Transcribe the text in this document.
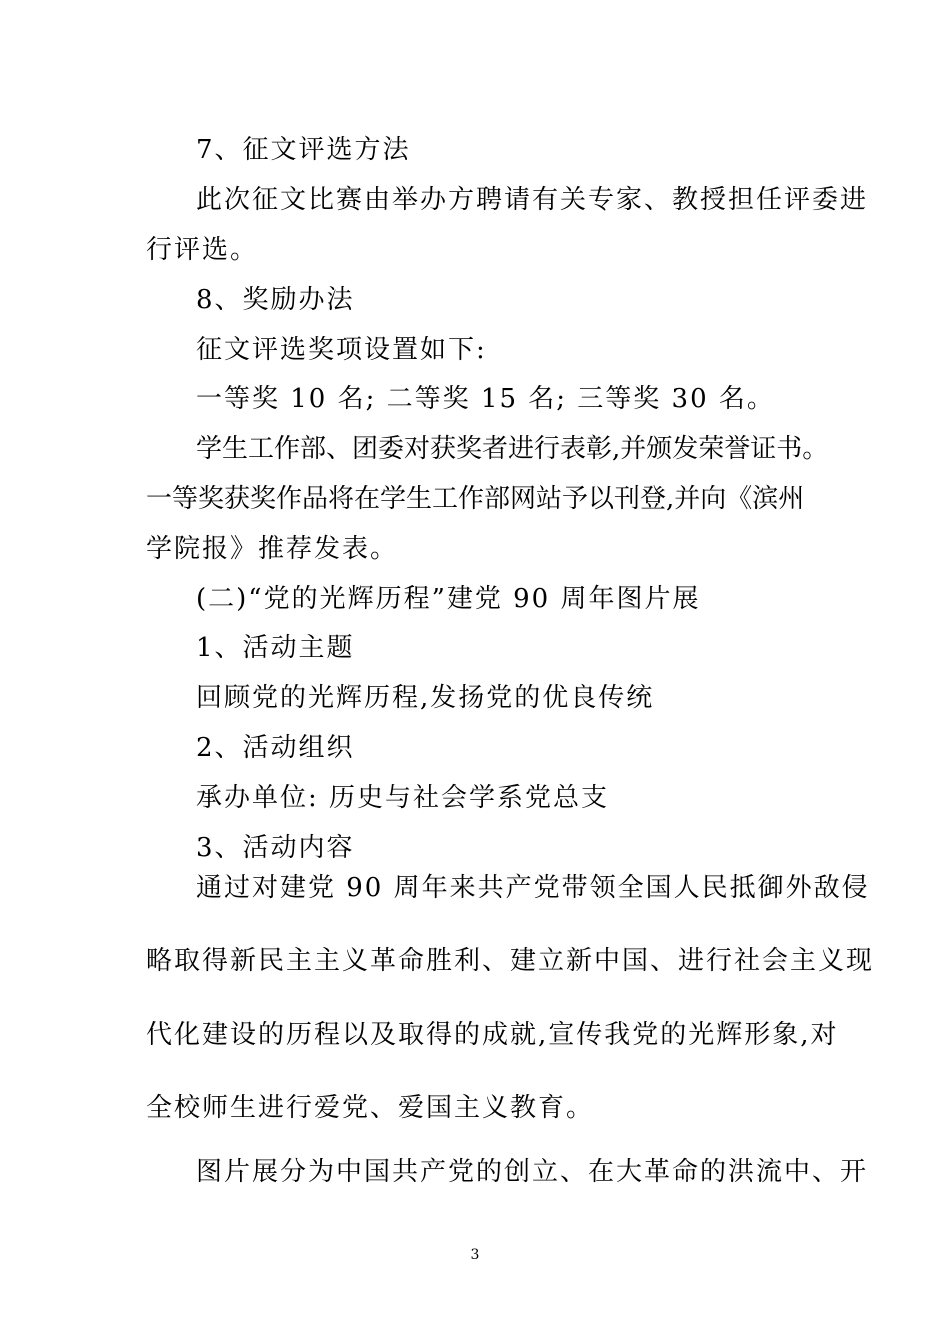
7、征文评选方法
此次征文比赛由举办方聘请有关专家、教授担任评委进
行评选。
8、奖励办法
征文评选奖项设置如下:
一等奖 10 名; 二等奖 15 名; 三等奖 30 名。
学生工作部、团委对获奖者进行表彰,并颁发荣誉证书。
一等奖获奖作品将在学生工作部网站予以刊登,并向《滨州
学院报》推荐发表。
(二)“党的光辉历程”建党 90 周年图片展
1、活动主题
回顾党的光辉历程,发扬党的优良传统
2、活动组织
承办单位: 历史与社会学系党总支
3、活动内容
通过对建党 90 周年来共产党带领全国人民抵御外敌侵
略取得新民主主义革命胜利、建立新中国、进行社会主义现
代化建设的历程以及取得的成就,宣传我党的光辉形象,对
全校师生进行爱党、爱国主义教育。
图片展分为中国共产党的创立、在大革命的洪流中、开
3
